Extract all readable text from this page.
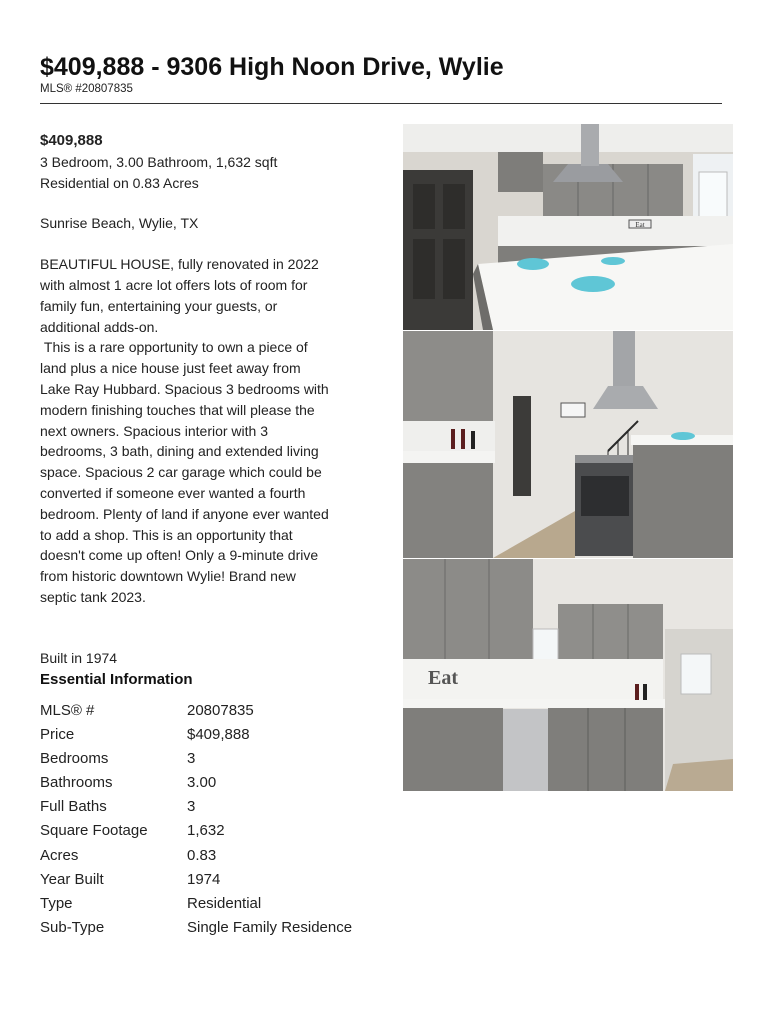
$409,888 - 9306 High Noon Drive, Wylie
MLS® #20807835
$409,888
3 Bedroom, 3.00 Bathroom, 1,632 sqft
Residential on 0.83 Acres
Sunrise Beach, Wylie, TX

BEAUTIFUL HOUSE, fully renovated in 2022
with almost 1 acre lot offers lots of room for
family fun, entertaining your guests, or
additional adds-on.
This is a rare opportunity to own a piece of
land plus a nice house just feet away from
Lake Ray Hubbard. Spacious 3 bedrooms with
modern finishing touches that will please the
next owners. Spacious interior with 3
bedrooms, 3 bath, dining and extended living
space. Spacious 2 car garage which could be
converted if someone ever wanted a fourth
bedroom. Plenty of land if anyone ever wanted
to add a shop. This is an opportunity that
doesn't come up often! Only a 9-minute drive
from historic downtown Wylie! Brand new
septic tank 2023.

Built in 1974
Essential Information
MLS® #	20807835
Price	$409,888
Bedrooms	3
Bathrooms	3.00
Full Baths	3
Square Footage	1,632
Acres	0.83
Year Built	1974
Type	Residential
Sub-Type	Single Family Residence
Eat
Eat
